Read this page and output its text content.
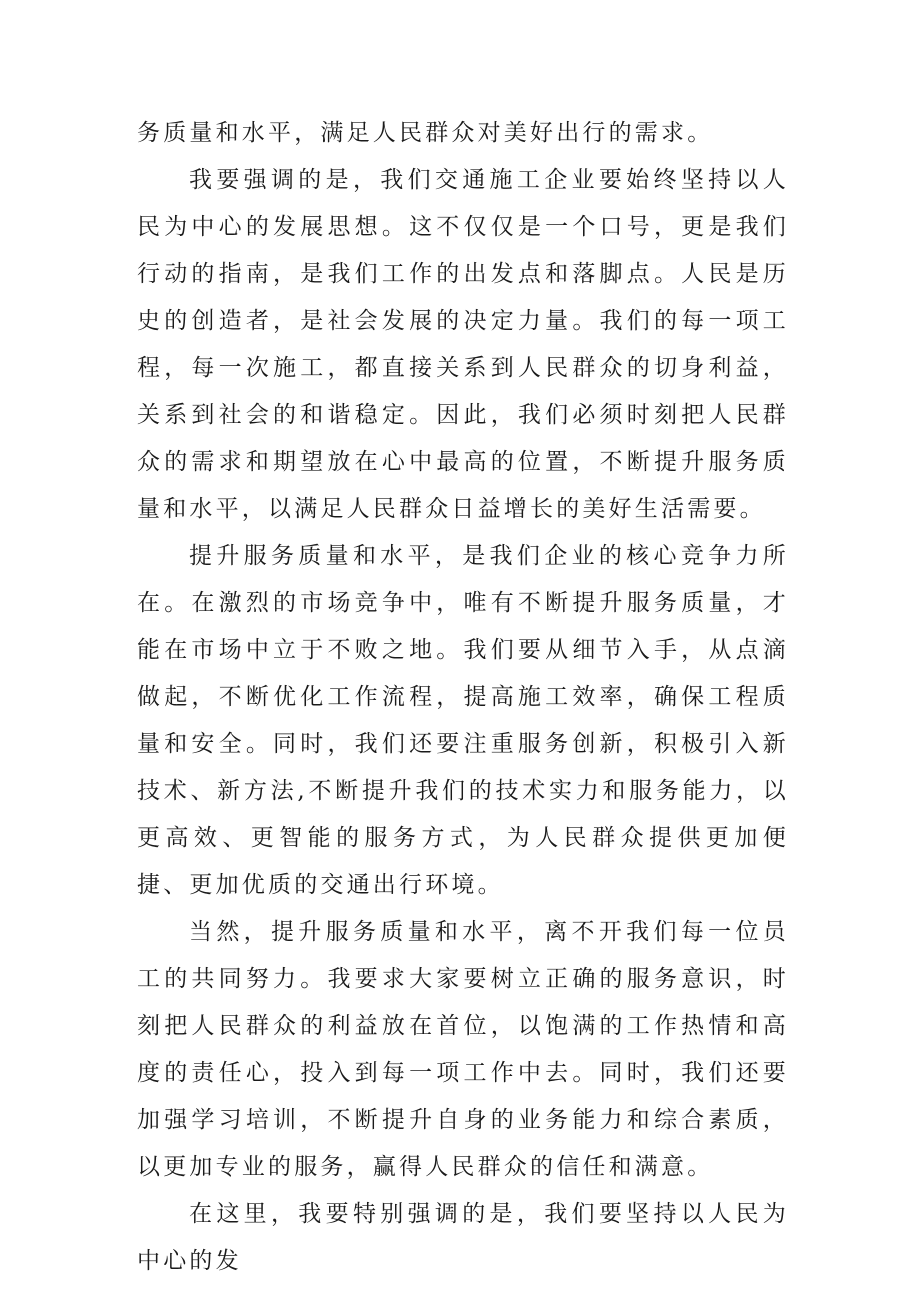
务质量和水平，满足人民群众对美好出行的需求。

我要强调的是，我们交通施工企业要始终坚持以人民为中心的发展思想。这不仅仅是一个口号，更是我们行动的指南，是我们工作的出发点和落脚点。人民是历史的创造者，是社会发展的决定力量。我们的每一项工程，每一次施工，都直接关系到人民群众的切身利益，关系到社会的和谐稳定。因此，我们必须时刻把人民群众的需求和期望放在心中最高的位置，不断提升服务质量和水平，以满足人民群众日益增长的美好生活需要。

提升服务质量和水平，是我们企业的核心竞争力所在。在激烈的市场竞争中，唯有不断提升服务质量，才能在市场中立于不败之地。我们要从细节入手，从点滴做起，不断优化工作流程，提高施工效率，确保工程质量和安全。同时，我们还要注重服务创新，积极引入新技术、新方法,不断提升我们的技术实力和服务能力，以更高效、更智能的服务方式，为人民群众提供更加便捷、更加优质的交通出行环境。

当然，提升服务质量和水平，离不开我们每一位员工的共同努力。我要求大家要树立正确的服务意识，时刻把人民群众的利益放在首位，以饱满的工作热情和高度的责任心，投入到每一项工作中去。同时，我们还要加强学习培训，不断提升自身的业务能力和综合素质，以更加专业的服务，赢得人民群众的信任和满意。

在这里，我要特别强调的是，我们要坚持以人民为中心的发
